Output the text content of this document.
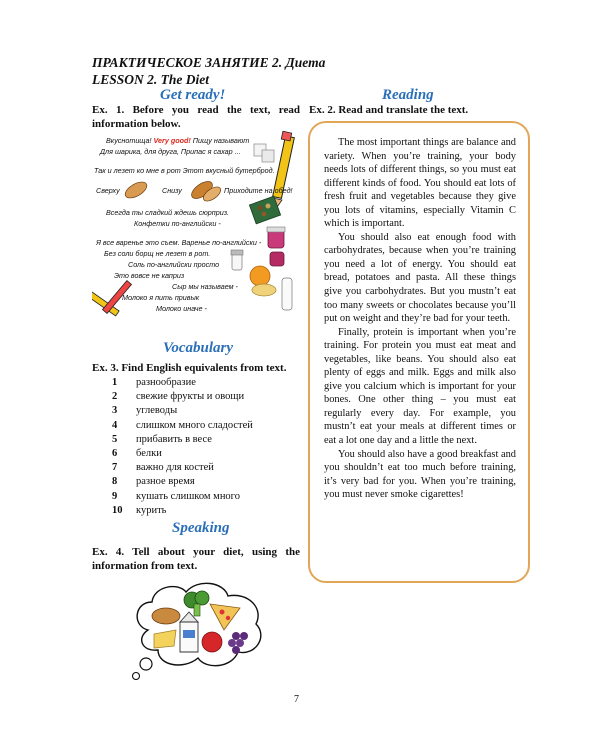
ПРАКТИЧЕСКОЕ ЗАНЯТИЕ 2. Диета
LESSON 2. The Diet
Get ready!	Reading
Ex. 1. Before you read the text, read information below.
Ex. 2. Read and translate the text.
Вкуснотища! Very good! Пищу называют
Для шарика, для друга, Припас я сахар ...
Так и лезет ко мне в рот Этот вкусный бутерброд.
Сверху	Снизу	Приходите на обед!
Всегда ты сладкий ждешь сюрприз.
Конфетки по-английски -
Я все варенье это съем. Варенье по-английски -
Без соли борщ не лезет в рот.
Соль по-английски просто
Это вовсе не каприз
Сыр мы называем -
Молоко я пить привык
Молоко иначе -
Vocabulary
Ex. 3. Find English equivalents from text.
1	разнообразие
2	свежие фрукты и овощи
3	углеводы
4	слишком много сладостей
5	прибавить в весе
6	белки
7	важно для костей
8	разное время
9	кушать слишком много
10	курить
Speaking
Ex. 4. Tell about your diet, using the information from text.

The most important things are balance and variety. When you’re training, your body needs lots of different things, so you must eat different kinds of food. You should eat lots of fresh fruit and vegetables because they give you lots of vitamins, especially Vitamin C which is important.

You should also eat enough food with carbohydrates, because when you’re training you need a lot of energy. You should eat bread, potatoes and pasta. All these things give you carbohydrates. But you mustn’t eat too many sweets or chocolates because you’ll put on weight and they’re bad for your teeth.

Finally, protein is important when you’re training. For protein you must eat meat and vegetables, like beans. You should also eat plenty of eggs and milk. Eggs and milk also give you calcium which is important for your bones. One other thing – you must eat regularly every day. For example, you mustn’t eat your meals at different times or eat a lot one day and a little the next.

You should also have a good breakfast and you shouldn’t eat too much before training, it’s very bad for you. When you’re training, you must never smoke cigarettes!

7
